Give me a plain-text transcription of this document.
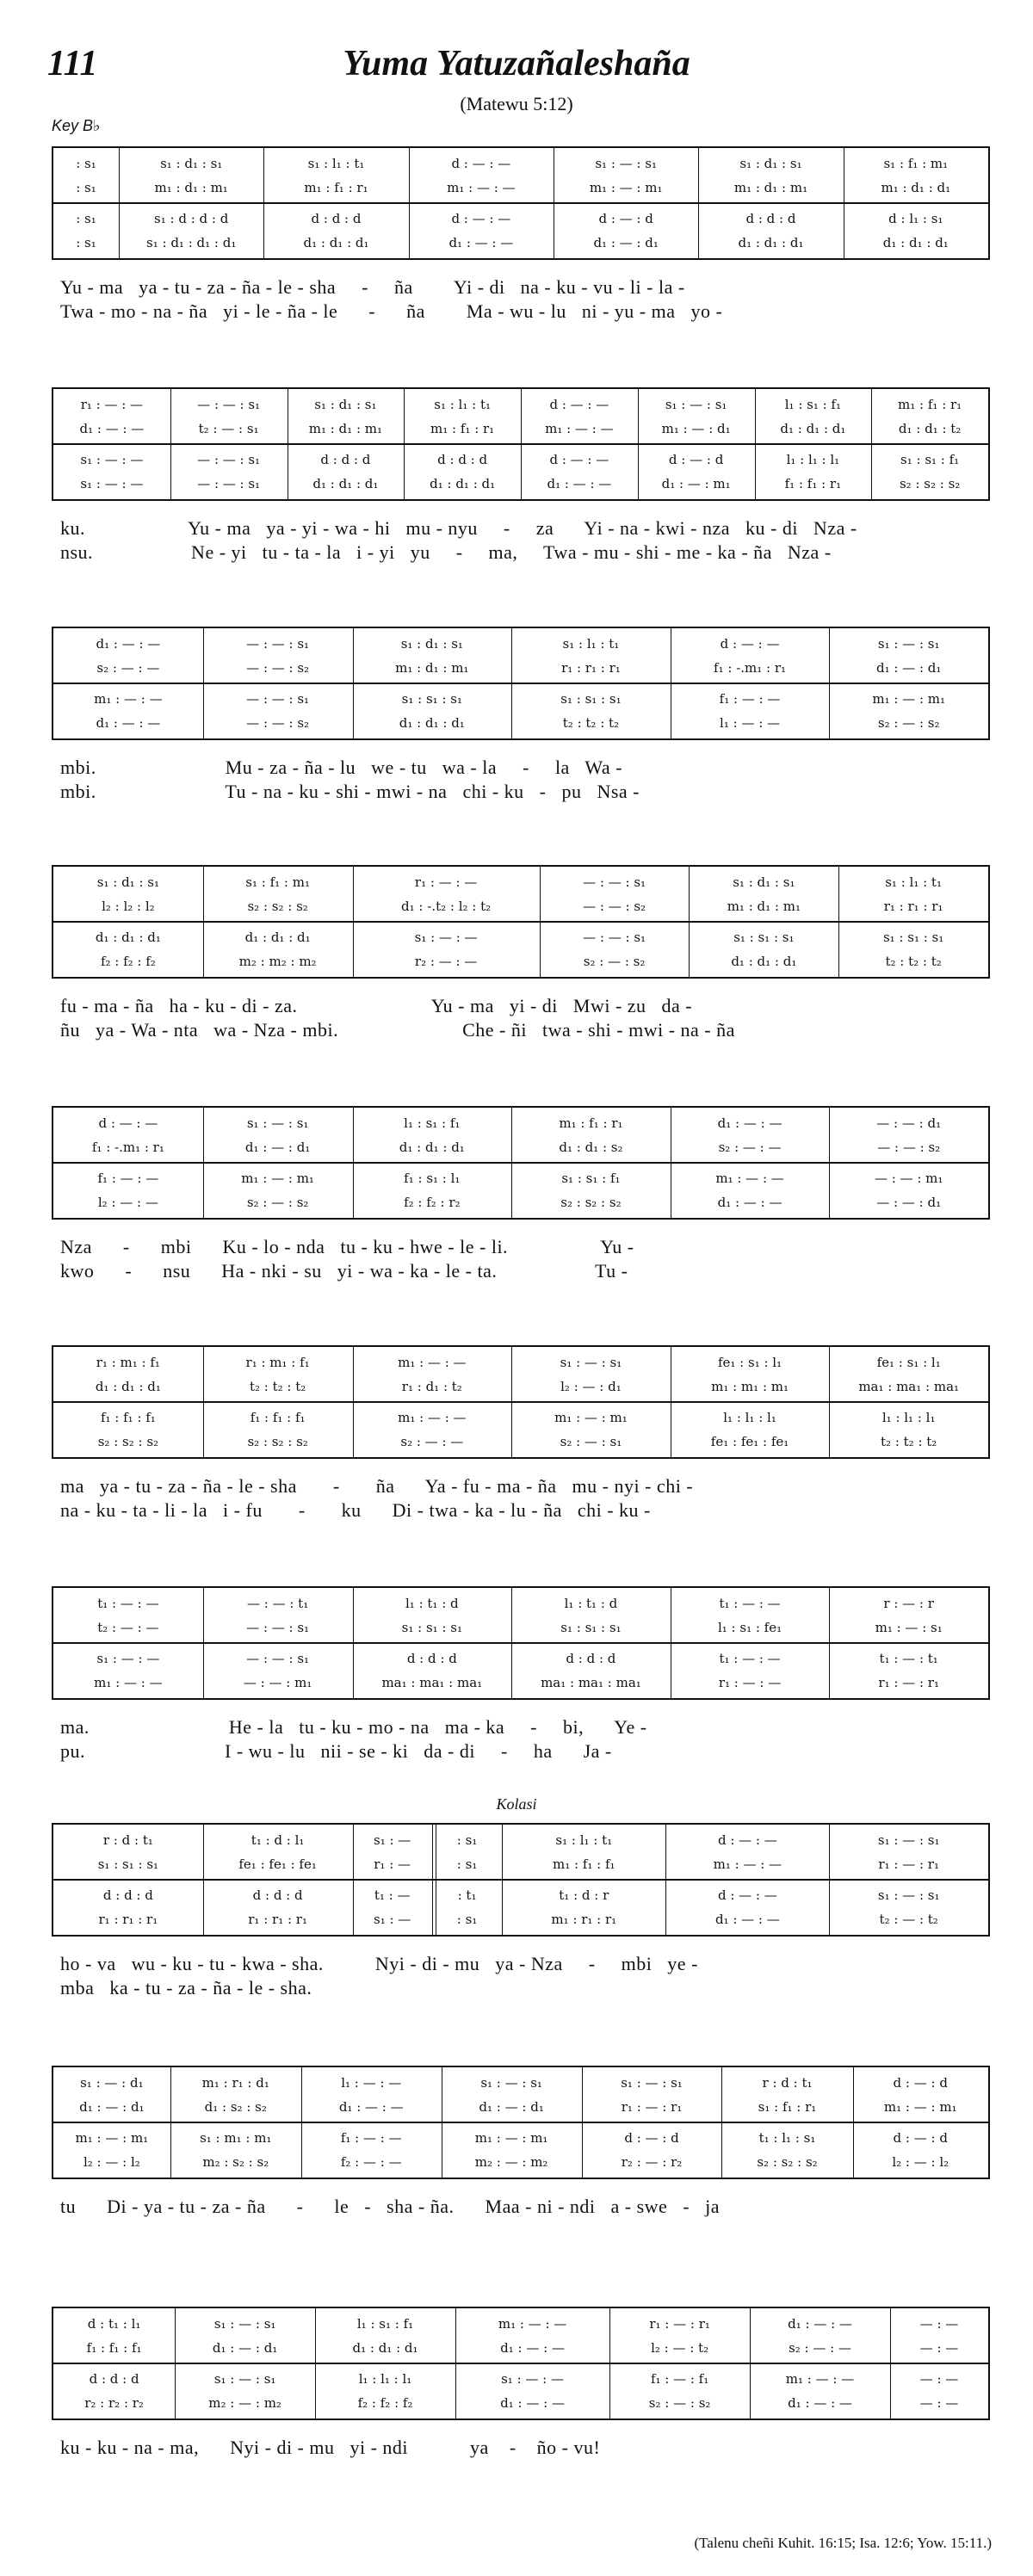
111	Yuma Yatuzañaleshaña
(Matewu 5:12)
Key B♭
: s₁
: s₁
: s₁
: s₁
s₁ : d₁ : s₁
m₁ : d₁ : m₁
s₁ : d : d : d
s₁ : d₁ : d₁ : d₁
s₁ : l₁ : t₁
m₁ : f₁ : r₁
d : d : d
d₁ : d₁ : d₁
d : — : —
m₁ : — : —
d : — : —
d₁ : — : —
s₁ : — : s₁
m₁ : — : m₁
d : — : d
d₁ : — : d₁
s₁ : d₁ : s₁
m₁ : d₁ : m₁
d : d : d
d₁ : d₁ : d₁
s₁ : f₁ : m₁
m₁ : d₁ : d₁
d : l₁ : s₁
d₁ : d₁ : d₁
Yu - ma   ya - tu - za - ña - le - sha     -     ña        Yi - di   na - ku - vu - li - la -
Twa - mo - na - ña   yi - le - ña - le      -      ña        Ma - wu - lu   ni - yu - ma   yo -
r₁ : — : —
d₁ : — : —
s₁ : — : —
s₁ : — : —
— : — : s₁
t₂ : — : s₁
— : — : s₁
— : — : s₁
s₁ : d₁ : s₁
m₁ : d₁ : m₁
d : d : d
d₁ : d₁ : d₁
s₁ : l₁ : t₁
m₁ : f₁ : r₁
d : d : d
d₁ : d₁ : d₁
d : — : —
m₁ : — : —
d : — : —
d₁ : — : —
s₁ : — : s₁
m₁ : — : d₁
d : — : d
d₁ : — : m₁
l₁ : s₁ : f₁
d₁ : d₁ : d₁
l₁ : l₁ : l₁
f₁ : f₁ : r₁
m₁ : f₁ : r₁
d₁ : d₁ : t₂
s₁ : s₁ : f₁
s₂ : s₂ : s₂
ku.                    Yu - ma   ya - yi - wa - hi   mu - nyu     -     za      Yi - na - kwi - nza   ku - di   Nza -
nsu.                   Ne - yi   tu - ta - la   i - yi   yu     -     ma,     Twa - mu - shi - me - ka - ña   Nza -
d₁ : — : —
s₂ : — : —
m₁ : — : —
d₁ : — : —
— : — : s₁
— : — : s₂
— : — : s₁
— : — : s₂
s₁ : d₁ : s₁
m₁ : d₁ : m₁
s₁ : s₁ : s₁
d₁ : d₁ : d₁
s₁ : l₁ : t₁
r₁ : r₁ : r₁
s₁ : s₁ : s₁
t₂ : t₂ : t₂
d : — : —
f₁ : -.m₁ : r₁
f₁ : — : —
l₁ : — : —
s₁ : — : s₁
d₁ : — : d₁
m₁ : — : m₁
s₂ : — : s₂
mbi.                         Mu - za - ña - lu   we - tu   wa - la     -     la   Wa -
mbi.                         Tu - na - ku - shi - mwi - na   chi - ku   -   pu   Nsa -
s₁ : d₁ : s₁
l₂ : l₂ : l₂
d₁ : d₁ : d₁
f₂ : f₂ : f₂
s₁ : f₁ : m₁
s₂ : s₂ : s₂
d₁ : d₁ : d₁
m₂ : m₂ : m₂
r₁ : — : —
d₁ : -.t₂ : l₂ : t₂
s₁ : — : —
r₂ : — : —
— : — : s₁
— : — : s₂
— : — : s₁
s₂ : — : s₂
s₁ : d₁ : s₁
m₁ : d₁ : m₁
s₁ : s₁ : s₁
d₁ : d₁ : d₁
s₁ : l₁ : t₁
r₁ : r₁ : r₁
s₁ : s₁ : s₁
t₂ : t₂ : t₂
fu - ma - ña   ha - ku - di - za.                          Yu - ma   yi - di   Mwi - zu   da -
ñu   ya - Wa - nta   wa - Nza - mbi.                        Che - ñi   twa - shi - mwi - na - ña
d : — : —
f₁ : -.m₁ : r₁
f₁ : — : —
l₂ : — : —
s₁ : — : s₁
d₁ : — : d₁
m₁ : — : m₁
s₂ : — : s₂
l₁ : s₁ : f₁
d₁ : d₁ : d₁
f₁ : s₁ : l₁
f₂ : f₂ : r₂
m₁ : f₁ : r₁
d₁ : d₁ : s₂
s₁ : s₁ : f₁
s₂ : s₂ : s₂
d₁ : — : —
s₂ : — : —
m₁ : — : —
d₁ : — : —
— : — : d₁
— : — : s₂
— : — : m₁
— : — : d₁
Nza      -      mbi      Ku - lo - nda   tu - ku - hwe - le - li.                  Yu -
kwo      -      nsu      Ha - nki - su   yi - wa - ka - le - ta.                   Tu -
r₁ : m₁ : f₁
d₁ : d₁ : d₁
f₁ : f₁ : f₁
s₂ : s₂ : s₂
r₁ : m₁ : f₁
t₂ : t₂ : t₂
f₁ : f₁ : f₁
s₂ : s₂ : s₂
m₁ : — : —
r₁ : d₁ : t₂
m₁ : — : —
s₂ : — : —
s₁ : — : s₁
l₂ : — : d₁
m₁ : — : m₁
s₂ : — : s₁
fe₁ : s₁ : l₁
m₁ : m₁ : m₁
l₁ : l₁ : l₁
fe₁ : fe₁ : fe₁
fe₁ : s₁ : l₁
ma₁ : ma₁ : ma₁
l₁ : l₁ : l₁
t₂ : t₂ : t₂
ma   ya - tu - za - ña - le - sha       -       ña      Ya - fu - ma - ña   mu - nyi - chi -
na - ku - ta - li - la   i - fu       -       ku      Di - twa - ka - lu - ña   chi - ku -
t₁ : — : —
t₂ : — : —
s₁ : — : —
m₁ : — : —
— : — : t₁
— : — : s₁
— : — : s₁
— : — : m₁
l₁ : t₁ : d
s₁ : s₁ : s₁
d : d : d
ma₁ : ma₁ : ma₁
l₁ : t₁ : d
s₁ : s₁ : s₁
d : d : d
ma₁ : ma₁ : ma₁
t₁ : — : —
l₁ : s₁ : fe₁
t₁ : — : —
r₁ : — : —
r : — : r
m₁ : — : s₁
t₁ : — : t₁
r₁ : — : r₁
ma.                           He - la   tu - ku - mo - na   ma - ka     -     bi,      Ye -
pu.                           I - wu - lu   nii - se - ki   da - di     -     ha      Ja -
Kolasi
r : d : t₁
s₁ : s₁ : s₁
d : d : d
r₁ : r₁ : r₁
t₁ : d : l₁
fe₁ : fe₁ : fe₁
d : d : d
r₁ : r₁ : r₁
s₁ : —
r₁ : —
t₁ : —
s₁ : —
: s₁
: s₁
: t₁
: s₁
s₁ : l₁ : t₁
m₁ : f₁ : f₁
t₁ : d : r
m₁ : r₁ : r₁
d : — : —
m₁ : — : —
d : — : —
d₁ : — : —
s₁ : — : s₁
r₁ : — : r₁
s₁ : — : s₁
t₂ : — : t₂
ho - va   wu - ku - tu - kwa - sha.          Nyi - di - mu   ya - Nza     -     mbi   ye -
mba   ka - tu - za - ña - le - sha.
s₁ : — : d₁
d₁ : — : d₁
m₁ : — : m₁
l₂ : — : l₂
m₁ : r₁ : d₁
d₁ : s₂ : s₂
s₁ : m₁ : m₁
m₂ : s₂ : s₂
l₁ : — : —
d₁ : — : —
f₁ : — : —
f₂ : — : —
s₁ : — : s₁
d₁ : — : d₁
m₁ : — : m₁
m₂ : — : m₂
s₁ : — : s₁
r₁ : — : r₁
d : — : d
r₂ : — : r₂
r : d : t₁
s₁ : f₁ : r₁
t₁ : l₁ : s₁
s₂ : s₂ : s₂
d : — : d
m₁ : — : m₁
d : — : d
l₂ : — : l₂
tu      Di - ya - tu - za - ña      -      le   -   sha - ña.      Maa - ni - ndi   a - swe   -   ja
d : t₁ : l₁
f₁ : f₁ : f₁
d : d : d
r₂ : r₂ : r₂
s₁ : — : s₁
d₁ : — : d₁
s₁ : — : s₁
m₂ : — : m₂
l₁ : s₁ : f₁
d₁ : d₁ : d₁
l₁ : l₁ : l₁
f₂ : f₂ : f₂
m₁ : — : —
d₁ : — : —
s₁ : — : —
d₁ : — : —
r₁ : — : r₁
l₂ : — : t₂
f₁ : — : f₁
s₂ : — : s₂
d₁ : — : —
s₂ : — : —
m₁ : — : —
d₁ : — : —
— : —
— : —
— : —
— : —
ku - ku - na - ma,      Nyi - di - mu   yi - ndi            ya    -    ño - vu!
(Talenu cheñi Kuhit. 16:15; Isa. 12:6; Yow. 15:11.)
